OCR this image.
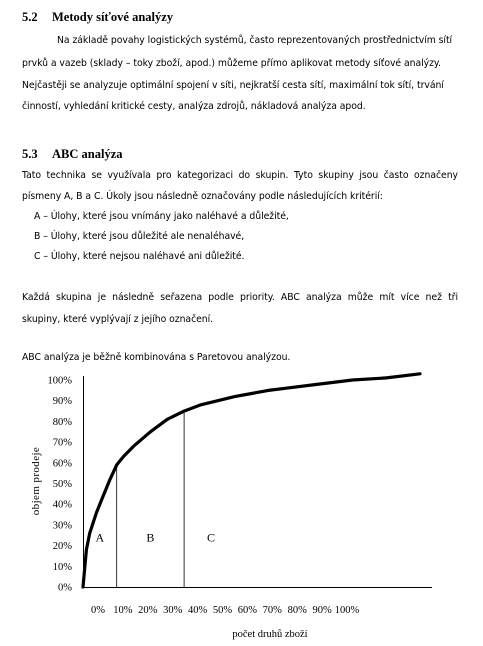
5.2 Metody síťové analýzy
Na základě povahy logistických systémů, často reprezentovaných prostřednictvím sítí
prvků a vazeb (sklady – toky zboží, apod.) můžeme přímo aplikovat metody síťové analýzy.
Nejčastěji se analyzuje optimální spojení v síti, nejkratší cesta sítí, maximální tok sítí, trvání
činností, vyhledání kritické cesty, analýza zdrojů, nákladová analýza apod.
5.3 ABC analýza
Tato technika se využívala pro kategorizaci do skupin. Tyto skupiny jsou často označeny
písmeny A, B a C. Úkoly jsou následně označovány podle následujících kritérií:
A – Úlohy, které jsou vnímány jako naléhavé a důležité,
B – Úlohy, které jsou důležité ale nenaléhavé,
C – Úlohy, které nejsou naléhavé ani důležité.
Každá skupina je následně seřazena podle priority. ABC analýza může mít více než tři
skupiny, které vyplývají z jejího označení.
ABC analýza je běžně kombinována s Paretovou analýzou.
0%
10%
20%
30%
40%
50%
60%
70%
80%
90%
100%
0% 10% 20% 30% 40% 50% 60% 70% 80% 90% 100%
A	B	C
objem prodeje
počet druhů zboží
